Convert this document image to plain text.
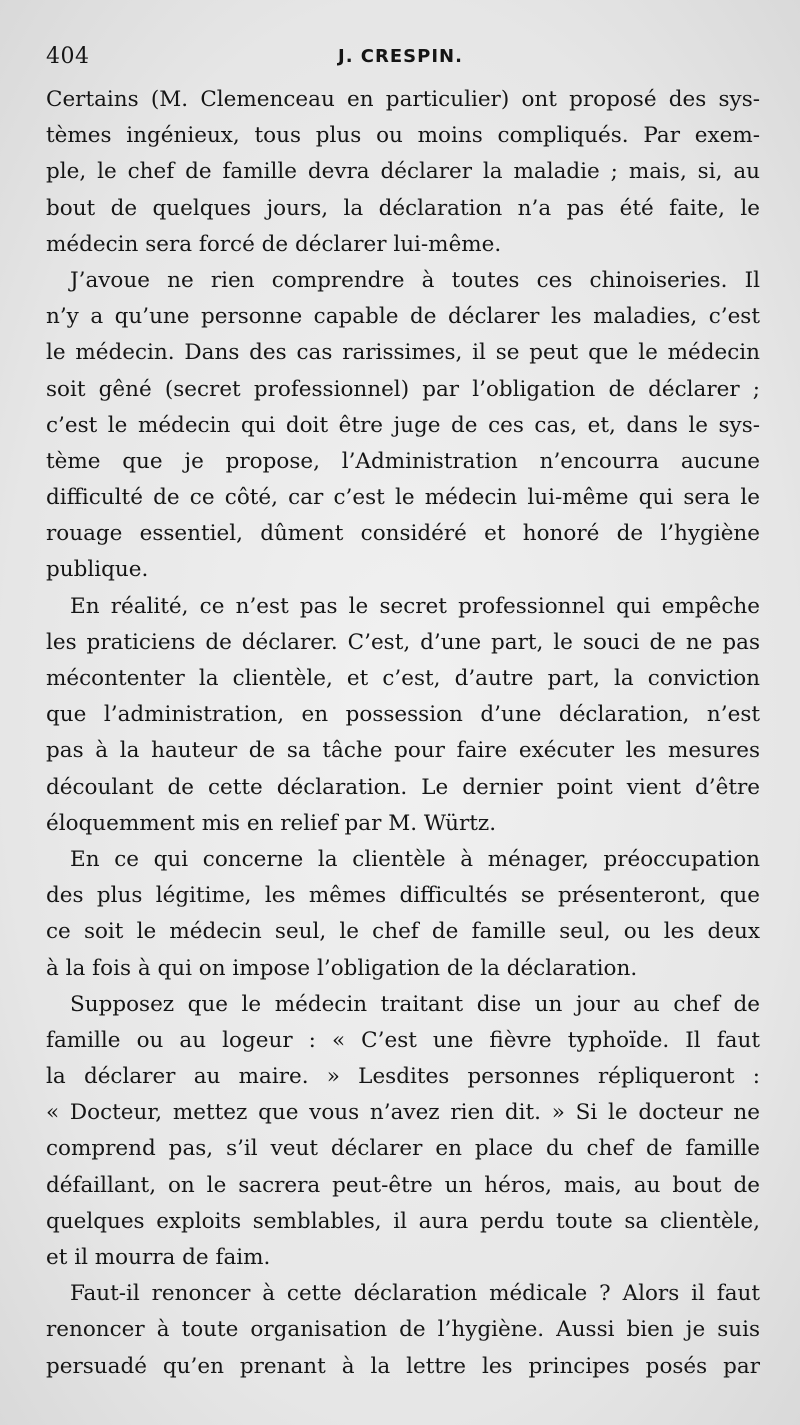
404	J. CRESPIN.
Certains (M. Clemenceau en particulier) ont proposé des sys-
tèmes ingénieux, tous plus ou moins compliqués. Par exem-
ple, le chef de famille devra déclarer la maladie ; mais, si, au
bout de quelques jours, la déclaration n’a pas été faite, le
médecin sera forcé de déclarer lui-même.
J’avoue ne rien comprendre à toutes ces chinoiseries. Il
n’y a qu’une personne capable de déclarer les maladies, c’est
le médecin. Dans des cas rarissimes, il se peut que le médecin
soit gêné (secret professionnel) par l’obligation de déclarer ;
c’est le médecin qui doit être juge de ces cas, et, dans le sys-
tème que je propose, l’Administration n’encourra aucune
difficulté de ce côté, car c’est le médecin lui-même qui sera le
rouage essentiel, dûment considéré et honoré de l’hygiène
publique.
En réalité, ce n’est pas le secret professionnel qui empêche
les praticiens de déclarer. C’est, d’une part, le souci de ne pas
mécontenter la clientèle, et c’est, d’autre part, la conviction
que l’administration, en possession d’une déclaration, n’est
pas à la hauteur de sa tâche pour faire exécuter les mesures
découlant de cette déclaration. Le dernier point vient d’être
éloquemment mis en relief par M. Würtz.
En ce qui concerne la clientèle à ménager, préoccupation
des plus légitime, les mêmes difficultés se présenteront, que
ce soit le médecin seul, le chef de famille seul, ou les deux
à la fois à qui on impose l’obligation de la déclaration.
Supposez que le médecin traitant dise un jour au chef de
famille ou au logeur : « C’est une fièvre typhoïde. Il faut
la déclarer au maire. » Lesdites personnes répliqueront :
« Docteur, mettez que vous n’avez rien dit. » Si le docteur ne
comprend pas, s’il veut déclarer en place du chef de famille
défaillant, on le sacrera peut-être un héros, mais, au bout de
quelques exploits semblables, il aura perdu toute sa clientèle,
et il mourra de faim.
Faut-il renoncer à cette déclaration médicale ? Alors il faut
renoncer à toute organisation de l’hygiène. Aussi bien je suis
persuadé qu’en prenant à la lettre les principes posés par
